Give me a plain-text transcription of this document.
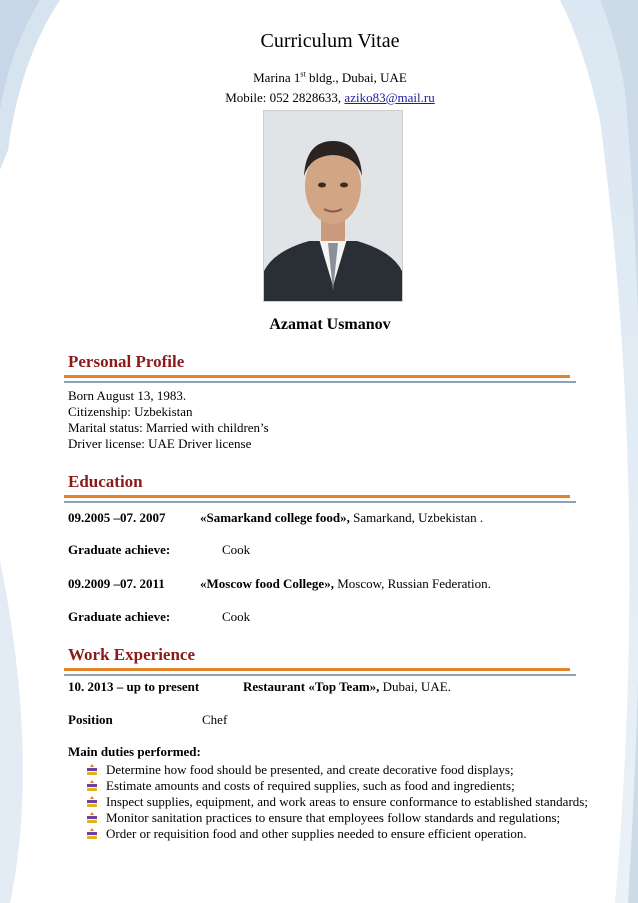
Curriculum Vitae
Marina 1st bldg., Dubai, UAE
Mobile: 052 2828633, aziko83@mail.ru
Azamat Usmanov
Personal Profile
Born August 13, 1983.
Citizenship: Uzbekistan
Marital status: Married with children’s
Driver license: UAE Driver license
Education
09.2005 –07. 2007	«Samarkand college food», Samarkand, Uzbekistan .
Graduate achieve:	Cook
09.2009 –07. 2011	«Moscow food College», Moscow, Russian Federation.
Graduate achieve:	Cook
Work Experience
10. 2013 – up to present	Restaurant «Top Team», Dubai, UAE.
Position	Chef
Main duties performed:
Determine how food should be presented, and create decorative food displays;
Estimate amounts and costs of required supplies, such as food and ingredients;
Inspect supplies, equipment, and work areas to ensure conformance to established standards;
Monitor sanitation practices to ensure that employees follow standards and regulations;
Order or requisition food and other supplies needed to ensure efficient operation.
